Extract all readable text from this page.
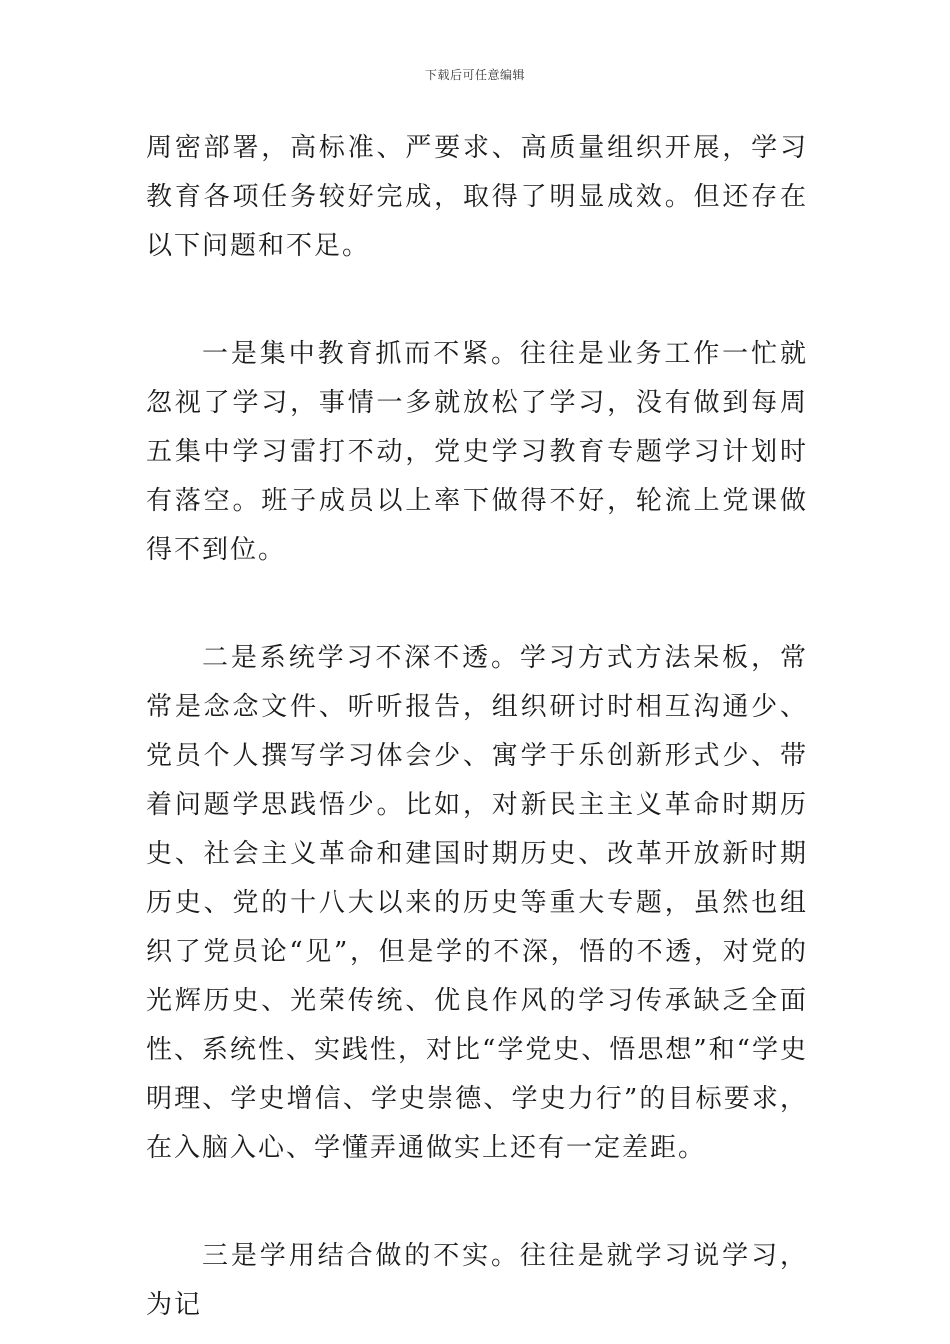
下载后可任意编辑

周密部署，高标准、严要求、高质量组织开展，学习教育各项任务较好完成，取得了明显成效。但还存在以下问题和不足。

一是集中教育抓而不紧。往往是业务工作一忙就忽视了学习，事情一多就放松了学习，没有做到每周五集中学习雷打不动，党史学习教育专题学习计划时有落空。班子成员以上率下做得不好，轮流上党课做得不到位。

二是系统学习不深不透。学习方式方法呆板，常常是念念文件、听听报告，组织研讨时相互沟通少、党员个人撰写学习体会少、寓学于乐创新形式少、带着问题学思践悟少。比如，对新民主主义革命时期历史、社会主义革命和建国时期历史、改革开放新时期历史、党的十八大以来的历史等重大专题，虽然也组织了党员论“见”，但是学的不深，悟的不透，对党的光辉历史、光荣传统、优良作风的学习传承缺乏全面性、系统性、实践性，对比“学党史、悟思想”和“学史明理、学史增信、学史崇德、学史力行”的目标要求，在入脑入心、学懂弄通做实上还有一定差距。

三是学用结合做的不实。往往是就学习说学习，为记
